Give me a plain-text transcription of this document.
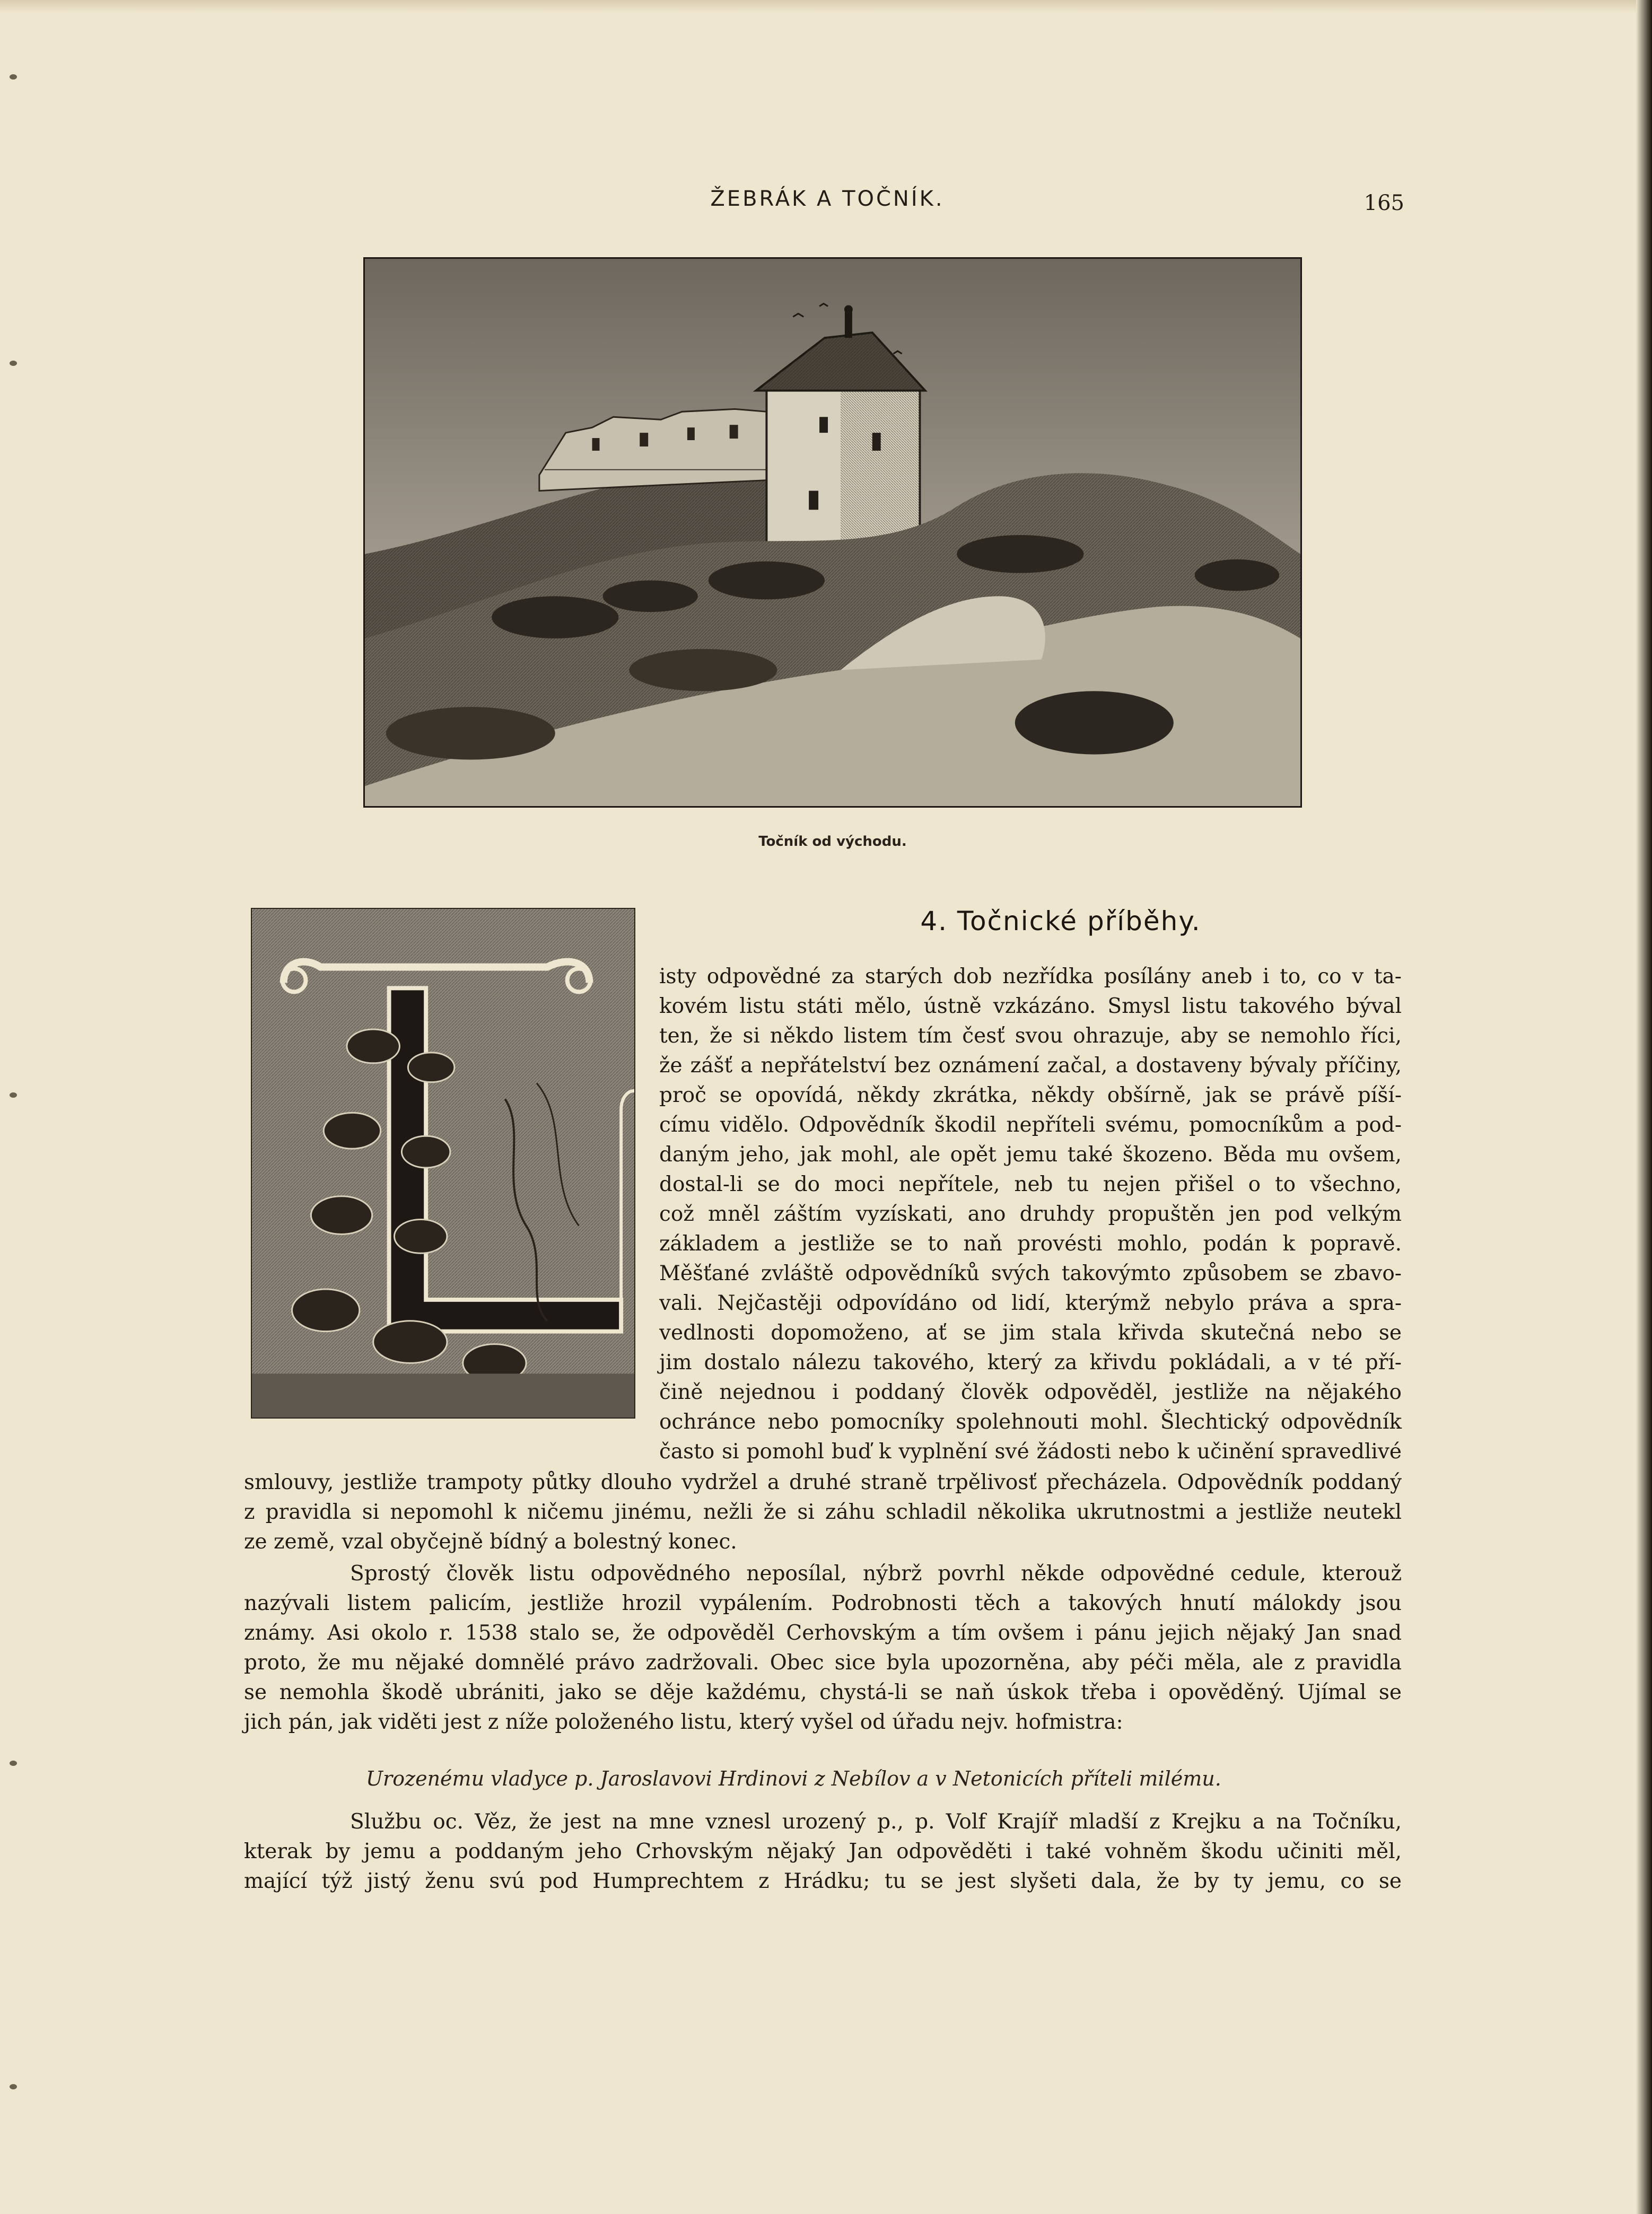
ŽEBRÁK A TOČNÍK.	165
Točník od východu.
4. Točnické příběhy.
isty odpovědné za starých dob nezřídka posílány aneb i to, co v ta-
kovém listu státi mělo, ústně vzkázáno. Smysl listu takového býval
ten, že si někdo listem tím česť svou ohrazuje, aby se nemohlo říci,
že zášť a nepřátelství bez oznámení začal, a dostaveny bývaly příčiny,
proč se opovídá, někdy zkrátka, někdy obšírně, jak se právě píší-
címu vidělo. Odpovědník škodil nepříteli svému, pomocníkům a pod-
daným jeho, jak mohl, ale opět jemu také škozeno. Běda mu ovšem,
dostal-li se do moci nepřítele, neb tu nejen přišel o to všechno,
což mněl záštím vyzískati, ano druhdy propuštěn jen pod velkým
základem a jestliže se to naň provésti mohlo, podán k popravě.
Měšťané zvláště odpovědníků svých takovýmto způsobem se zbavo-
vali. Nejčastěji odpovídáno od lidí, kterýmž nebylo práva a spra-
vedlnosti dopomoženo, ať se jim stala křivda skutečná nebo se
jim dostalo nálezu takového, který za křivdu pokládali, a v té pří-
čině nejednou i poddaný člověk odpověděl, jestliže na nějakého
ochránce nebo pomocníky spolehnouti mohl. Šlechtický odpovědník
často si pomohl buď k vyplnění své žádosti nebo k učinění spravedlivé
smlouvy, jestliže trampoty půtky dlouho vydržel a druhé straně trpělivosť přecházela. Odpovědník poddaný
z pravidla si nepomohl k ničemu jinému, nežli že si záhu schladil několika ukrutnostmi a jestliže neutekl
ze země, vzal obyčejně bídný a bolestný konec.
Sprostý člověk listu odpovědného neposílal, nýbrž povrhl někde odpovědné cedule, kterouž
nazývali listem palicím, jestliže hrozil vypálením. Podrobnosti těch a takových hnutí málokdy jsou
známy. Asi okolo r. 1538 stalo se, že odpověděl Cerhovským a tím ovšem i pánu jejich nějaký Jan snad
proto, že mu nějaké domnělé právo zadržovali. Obec sice byla upozorněna, aby péči měla, ale z pravidla
se nemohla škodě ubrániti, jako se děje každému, chystá-li se naň úskok třeba i opověděný. Ujímal se
jich pán, jak viděti jest z níže položeného listu, který vyšel od úřadu nejv. hofmistra:
Urozenému vladyce p. Jaroslavovi Hrdinovi z Nebílov a v Netonicích příteli milému.
Službu oc. Věz, že jest na mne vznesl urozený p., p. Volf Krajíř mladší z Krejku a na Točníku,
kterak by jemu a poddaným jeho Crhovským nějaký Jan odpověděti i také vohněm škodu učiniti měl,
mající týž jistý ženu svú pod Humprechtem z Hrádku; tu se jest slyšeti dala, že by ty jemu, co se
